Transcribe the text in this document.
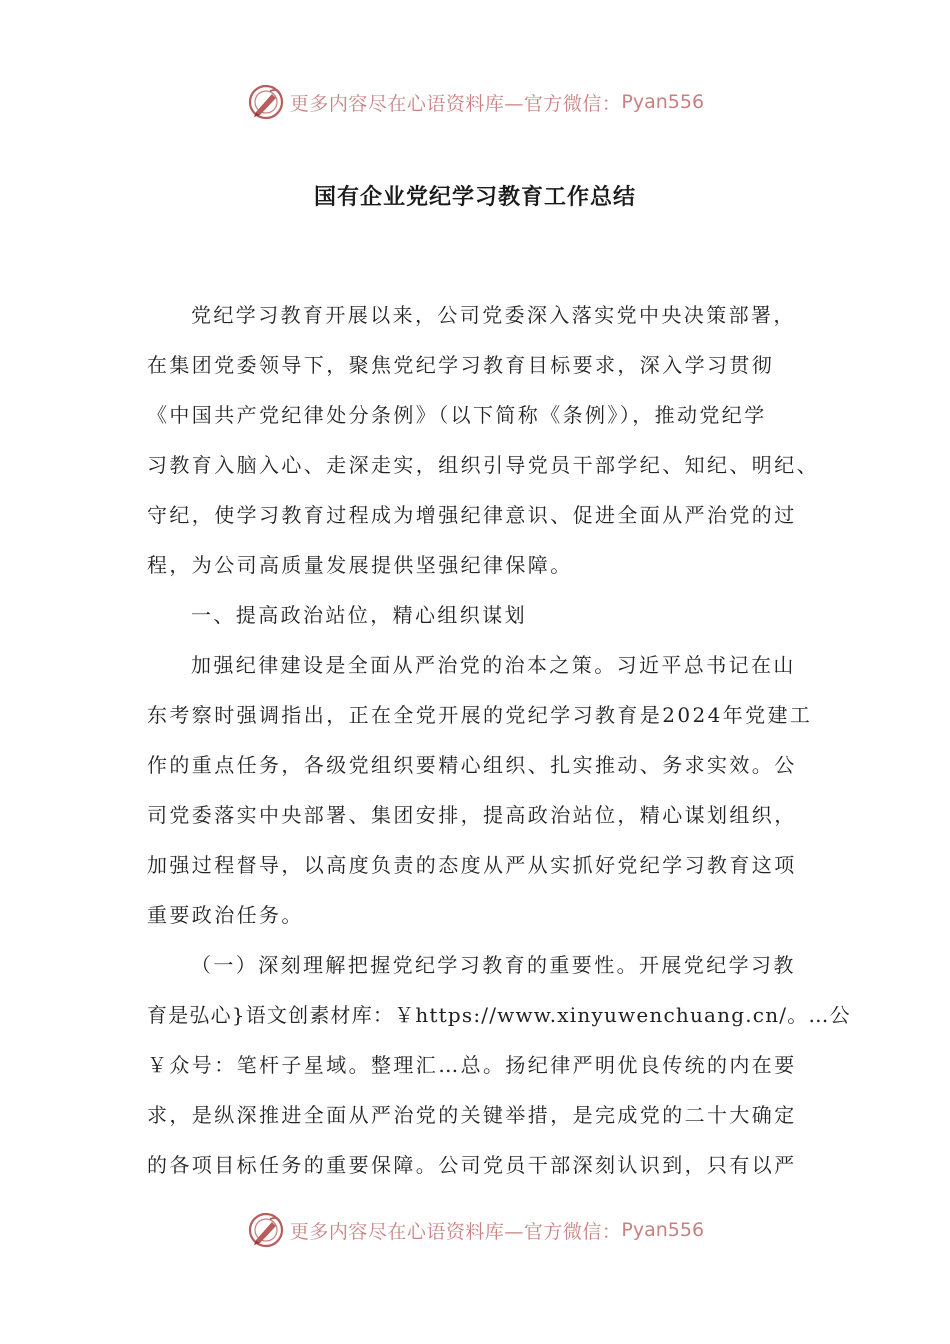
更多内容尽在心语资料库—官方微信： Pyan556
国有企业党纪学习教育工作总结
党纪学习教育开展以来，公司党委深入落实党中央决策部署，
在集团党委领导下，聚焦党纪学习教育目标要求，深入学习贯彻
《中国共产党纪律处分条例》（以下简称《条例》），推动党纪学
习教育入脑入心、走深走实，组织引导党员干部学纪、知纪、明纪、
守纪，使学习教育过程成为增强纪律意识、促进全面从严治党的过
程，为公司高质量发展提供坚强纪律保障。
一、提高政治站位，精心组织谋划
加强纪律建设是全面从严治党的治本之策。习近平总书记在山
东考察时强调指出，正在全党开展的党纪学习教育是2024年党建工
作的重点任务，各级党组织要精心组织、扎实推动、务求实效。公
司党委落实中央部署、集团安排，提高政治站位，精心谋划组织，
加强过程督导，以高度负责的态度从严从实抓好党纪学习教育这项
重要政治任务。
（一）深刻理解把握党纪学习教育的重要性。开展党纪学习教
育是弘心}语文创素材库：￥https://www.xinyuwenchuang.cn/。…公
￥众号：笔杆子星域。整理汇…总。扬纪律严明优良传统的内在要
求，是纵深推进全面从严治党的关键举措，是完成党的二十大确定
的各项目标任务的重要保障。公司党员干部深刻认识到，只有以严
更多内容尽在心语资料库—官方微信： Pyan556
